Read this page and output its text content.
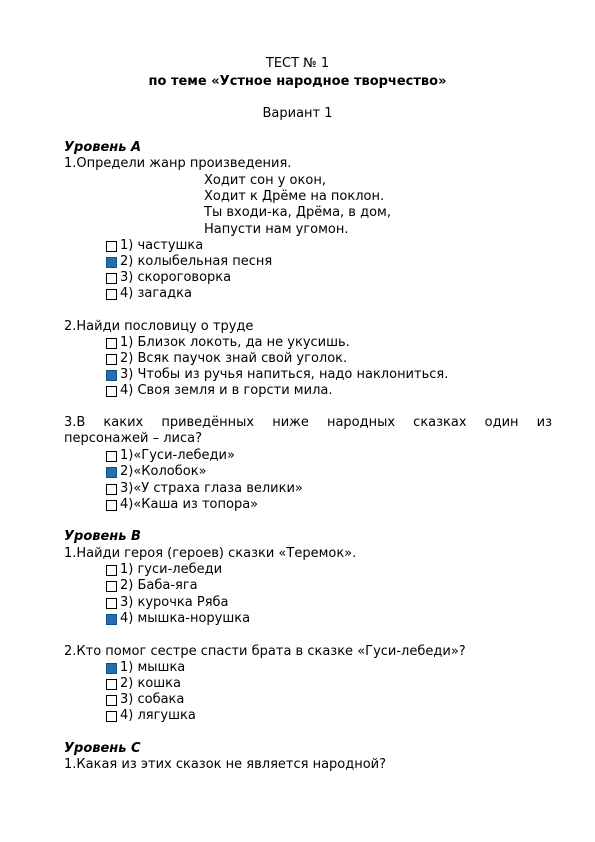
ТЕСТ № 1
по теме «Устное народное творчество»
Вариант 1
Уровень А
1.Определи жанр произведения.
Ходит сон у окон,
Ходит к Дрёме на поклон.
Ты входи-ка, Дрёма, в дом,
Напусти нам угомон.
1) частушка
2) колыбельная песня
3) скороговорка
4) загадка
2.Найди пословицу о труде
1) Близок локоть, да не укусишь.
2) Всяк паучок знай свой уголок.
3) Чтобы из ручья напиться, надо наклониться.
4) Своя земля и в горсти мила.
3.В каких приведённых ниже народных сказках один из
персонажей – лиса?
1)«Гуси-лебеди»
2)«Колобок»
3)«У страха глаза велики»
4)«Каша из топора»
Уровень В
1.Найди героя (героев) сказки «Теремок».
1) гуси-лебеди
2) Баба-яга
3) курочка Ряба
4) мышка-норушка
2.Кто помог сестре спасти брата в сказке «Гуси-лебеди»?
1) мышка
2) кошка
3) собака
4) лягушка
Уровень С
1.Какая из этих сказок не является народной?
